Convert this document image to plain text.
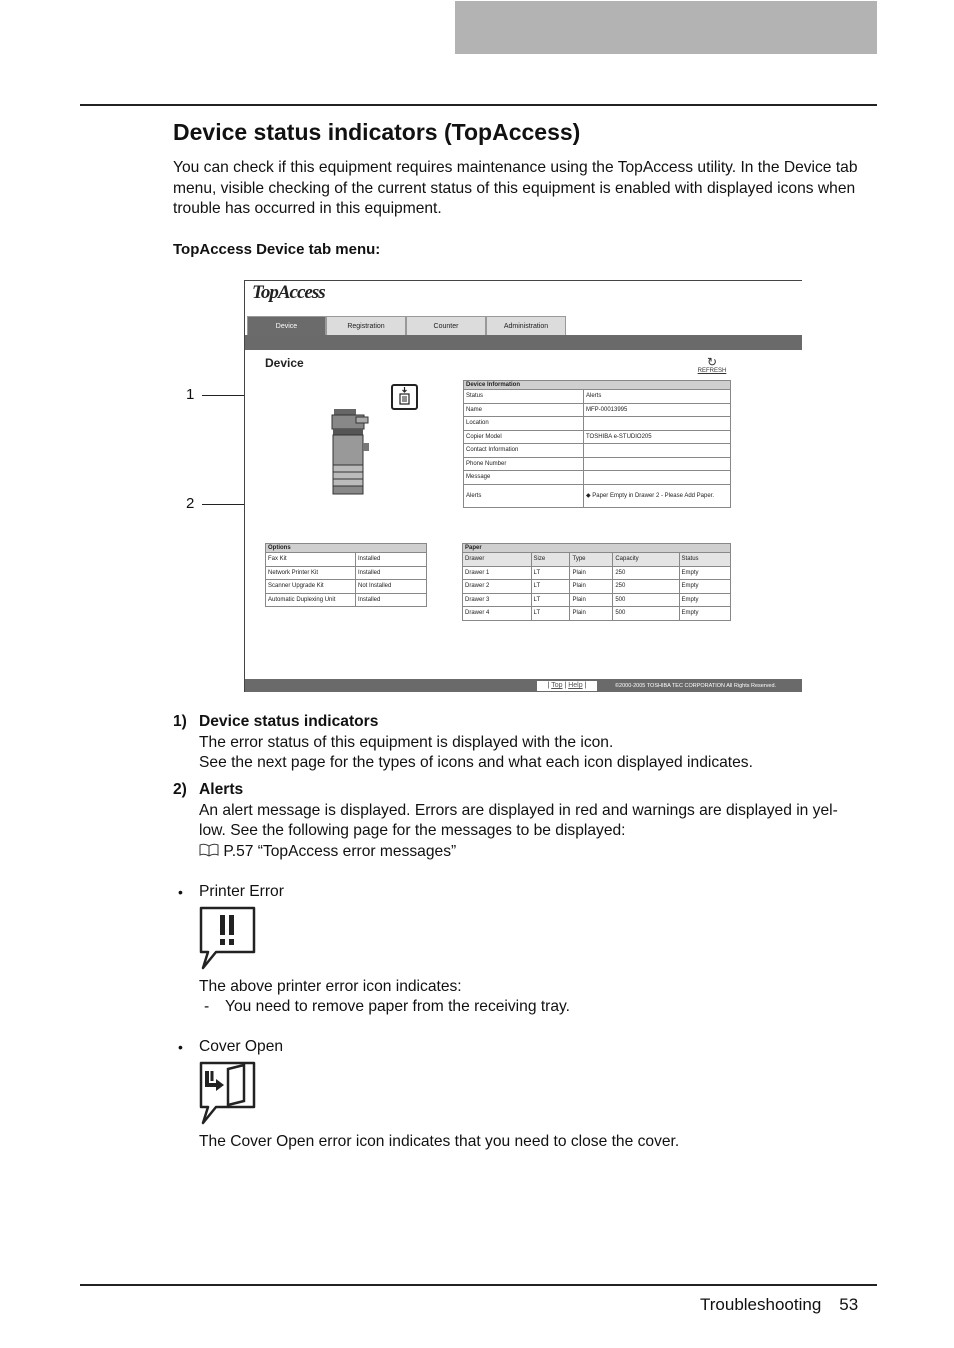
Device status indicators (TopAccess)
You can check if this equipment requires maintenance using the TopAccess utility. In the Device tab menu, visible checking of the current status of this equipment is enabled with displayed icons when trouble has occurred in this equipment.
TopAccess Device tab menu:
1
2
TopAccess
Device	Registration	Counter	Administration
Device	↻
REFRESH
Device Information
Status	Alerts
Name	MFP-00013995
Location	
Copier Model	TOSHIBA e-STUDIO205
Contact Information	
Phone Number	
Message	
Alerts	◆ Paper Empty in Drawer 2 - Please Add Paper.
Options
Fax Kit	Installed
Network Printer Kit	Installed
Scanner Upgrade Kit	Not Installed
Automatic Duplexing Unit	Installed
Paper
Drawer	Size	Type	Capacity	Status
Drawer 1	LT	Plain	250	Empty
Drawer 2	LT	Plain	250	Empty
Drawer 3	LT	Plain	500	Empty
Drawer 4	LT	Plain	500	Empty
| Top | Help |	©2000-2005 TOSHIBA TEC CORPORATION All Rights Reserved.
1) Device status indicators
The error status of this equipment is displayed with the icon.
See the next page for the types of icons and what each icon displayed indicates.
2) Alerts
An alert message is displayed. Errors are displayed in red and warnings are displayed in yel-
low. See the following page for the messages to be displayed:
P.57 “TopAccess error messages”
• Printer Error
The above printer error icon indicates:
- You need to remove paper from the receiving tray.
• Cover Open
The Cover Open error icon indicates that you need to close the cover.
Troubleshooting 53
